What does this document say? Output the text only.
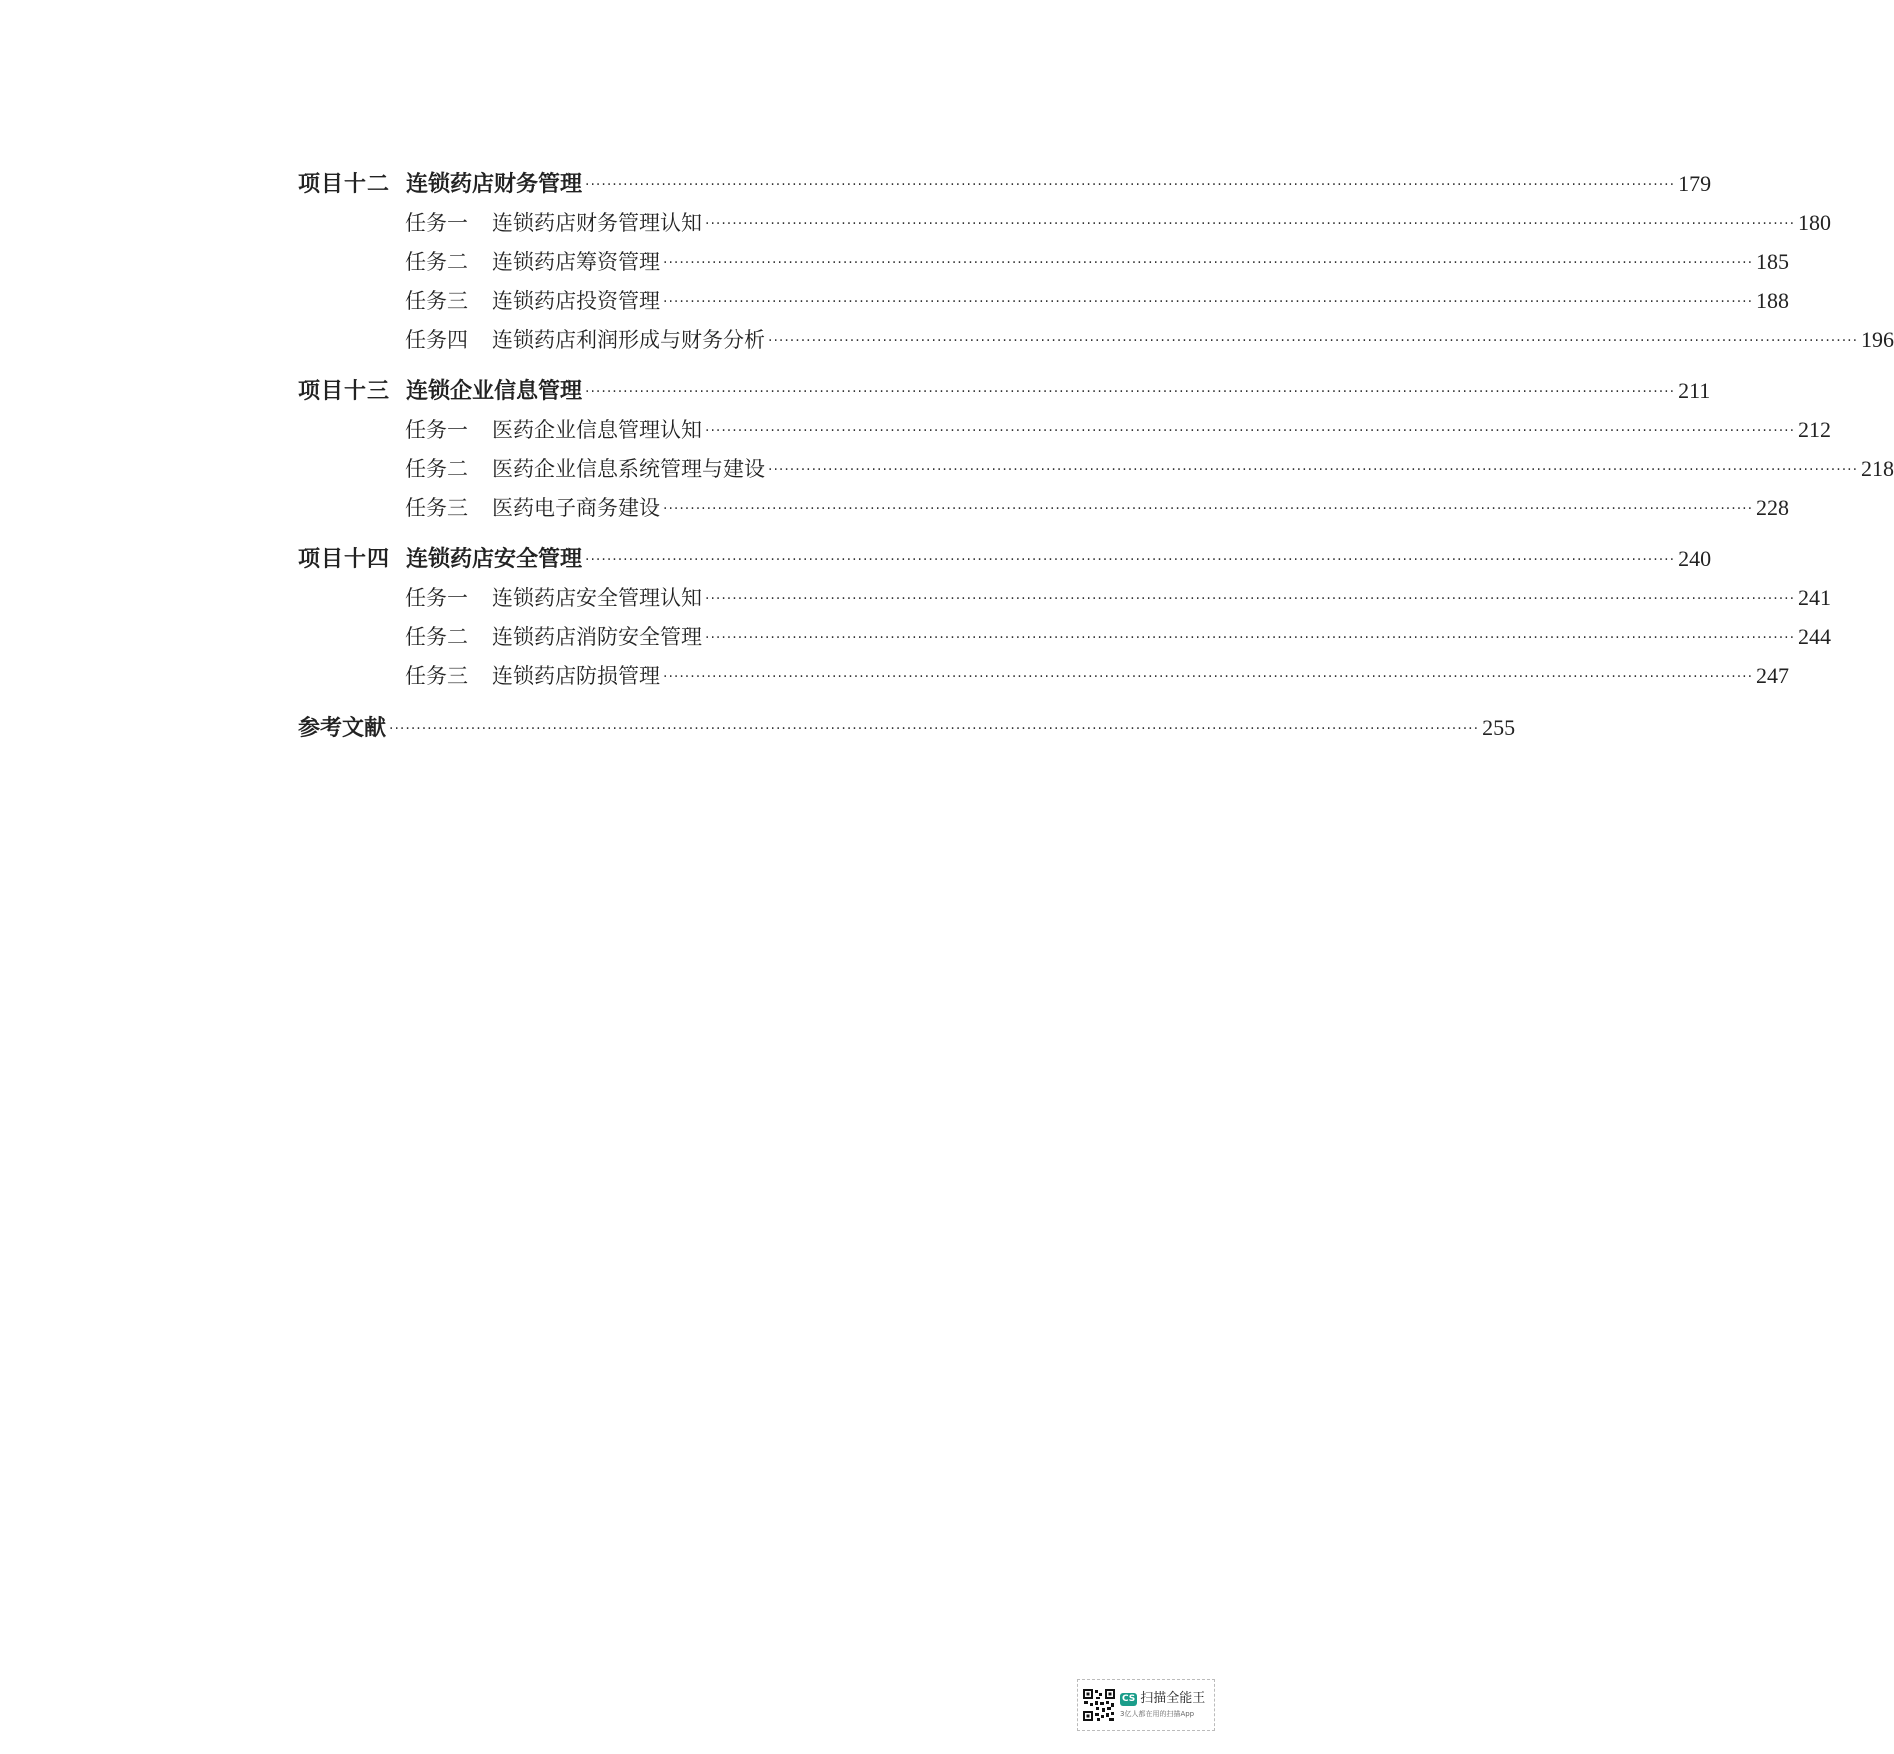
项目十二 连锁药店财务管理 ········································································································································································································ 179
任务一	连锁药店财务管理认知 ········································································································································································································ 180
任务二	连锁药店筹资管理 ········································································································································································································ 185
任务三	连锁药店投资管理 ········································································································································································································ 188
任务四	连锁药店利润形成与财务分析 ········································································································································································································ 196
项目十三 连锁企业信息管理 ········································································································································································································ 211
任务一	医药企业信息管理认知 ········································································································································································································ 212
任务二	医药企业信息系统管理与建设 ········································································································································································································ 218
任务三	医药电子商务建设 ········································································································································································································ 228
项目十四 连锁药店安全管理 ········································································································································································································ 240
任务一	连锁药店安全管理认知 ········································································································································································································ 241
任务二	连锁药店消防安全管理 ········································································································································································································ 244
任务三	连锁药店防损管理 ········································································································································································································ 247
参考文献 ········································································································································································································ 255
CS 扫描全能王
3亿人都在用的扫描App
